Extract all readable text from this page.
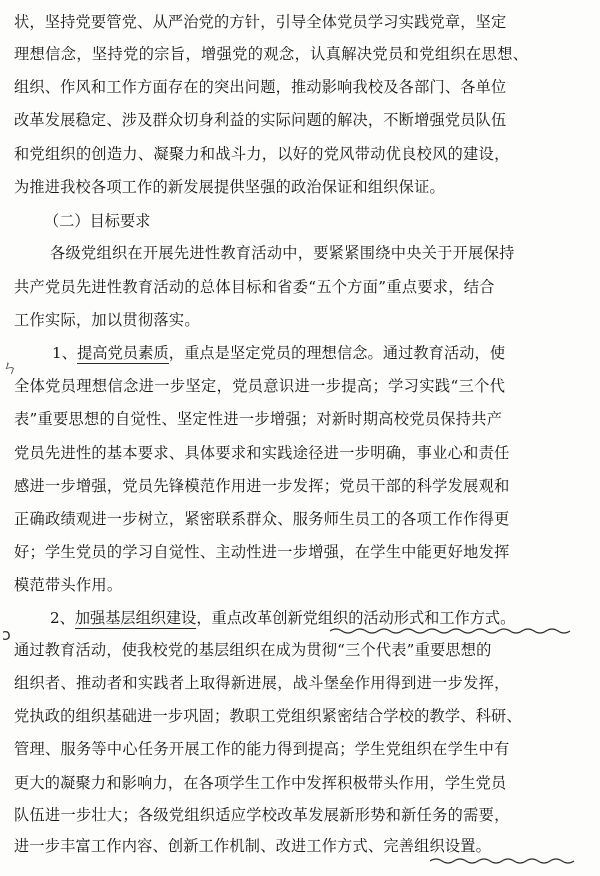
状，坚持党要管党、从严治党的方针，引导全体党员学习实践党章，坚定
理想信念，坚持党的宗旨，增强党的观念，认真解决党员和党组织在思想、
组织、作风和工作方面存在的突出问题，推动影响我校及各部门、各单位
改革发展稳定、涉及群众切身利益的实际问题的解决，不断增强党员队伍
和党组织的创造力、凝聚力和战斗力，以好的党风带动优良校风的建设，
为推进我校各项工作的新发展提供坚强的政治保证和组织保证。
（二）目标要求
各级党组织在开展先进性教育活动中，要紧紧围绕中央关于开展保持
共产党员先进性教育活动的总体目标和省委“五个方面”重点要求，结合
工作实际，加以贯彻落实。
ㄣ
1、提高党员素质，重点是坚定党员的理想信念。通过教育活动，使
全体党员理想信念进一步坚定，党员意识进一步提高；学习实践“三个代
表”重要思想的自觉性、坚定性进一步增强；对新时期高校党员保持共产
党员先进性的基本要求、具体要求和实践途径进一步明确，事业心和责任
感进一步增强，党员先锋模范作用进一步发挥；党员干部的科学发展观和
正确政绩观进一步树立，紧密联系群众、服务师生员工的各项工作作得更
好；学生党员的学习自觉性、主动性进一步增强，在学生中能更好地发挥
模范带头作用。
ↄ
2、加强基层组织建设，重点改革创新党组织的活动形式和工作方式。
通过教育活动，使我校党的基层组织在成为贯彻“三个代表”重要思想的
组织者、推动者和实践者上取得新进展，战斗堡垒作用得到进一步发挥，
党执政的组织基础进一步巩固；教职工党组织紧密结合学校的教学、科研、
管理、服务等中心任务开展工作的能力得到提高；学生党组织在学生中有
更大的凝聚力和影响力，在各项学生工作中发挥积极带头作用，学生党员
队伍进一步壮大；各级党组织适应学校改革发展新形势和新任务的需要，
进一步丰富工作内容、创新工作机制、改进工作方式、完善组织设置。
